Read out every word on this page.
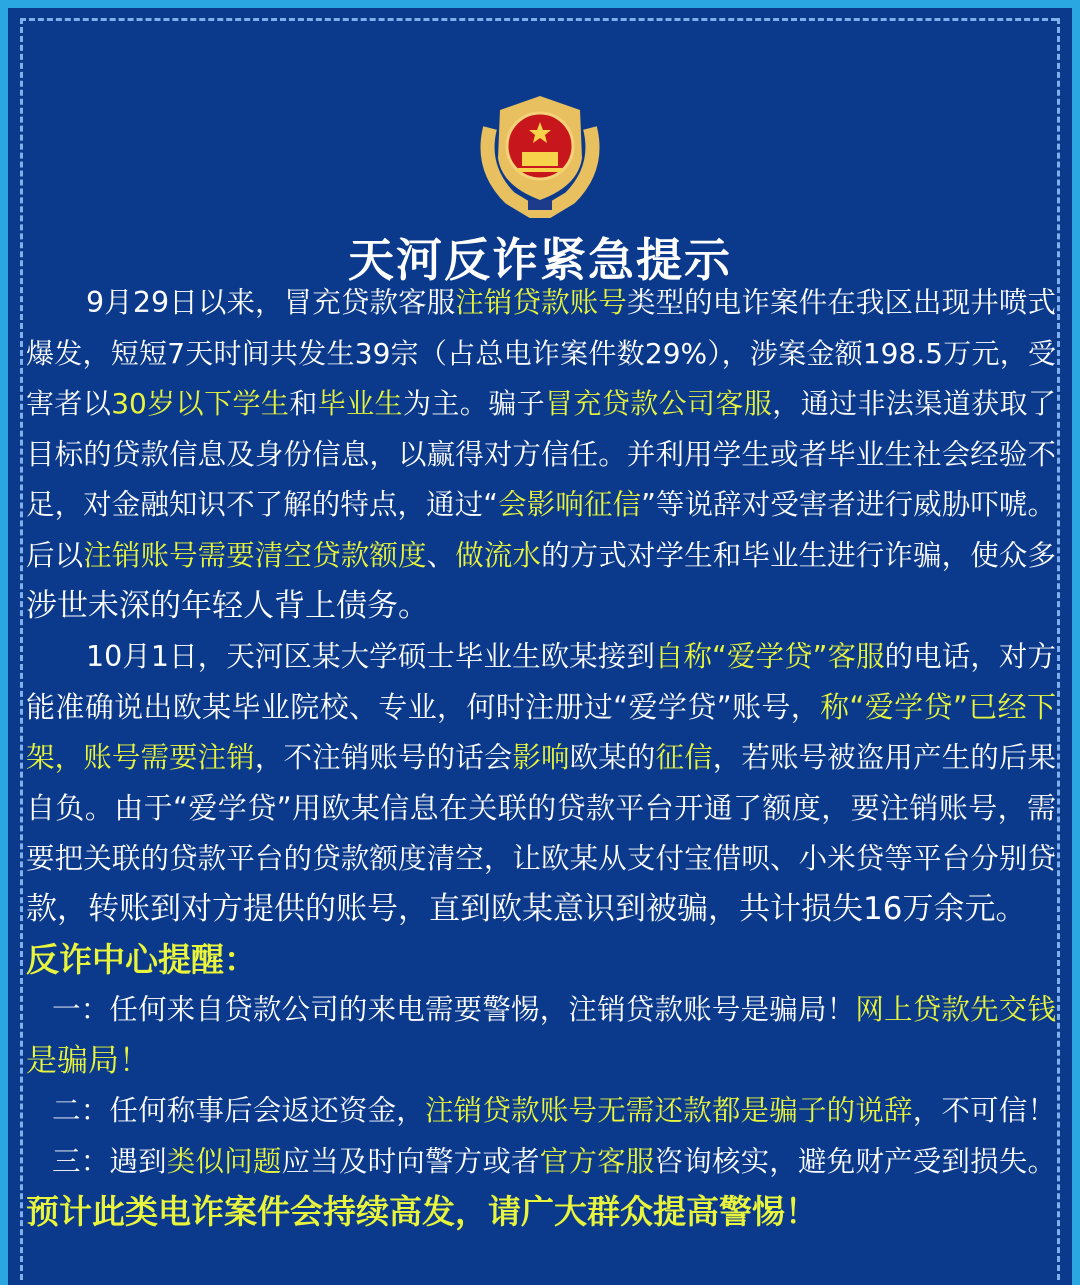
天河反诈紧急提示
9月29日以来，冒充贷款客服注销贷款账号类型的电诈案件在我区出现井喷式
爆发，短短7天时间共发生39宗（占总电诈案件数29%），涉案金额198.5万元，受
害者以30岁以下学生和毕业生为主。骗子冒充贷款公司客服，通过非法渠道获取了
目标的贷款信息及身份信息，以赢得对方信任。并利用学生或者毕业生社会经验不
足，对金融知识不了解的特点，通过“会影响征信”等说辞对受害者进行威胁吓唬。
后以注销账号需要清空贷款额度、做流水的方式对学生和毕业生进行诈骗，使众多
涉世未深的年轻人背上债务。
10月1日，天河区某大学硕士毕业生欧某接到自称“爱学贷”客服的电话，对方
能准确说出欧某毕业院校、专业，何时注册过“爱学贷”账号，称“爱学贷”已经下
架，账号需要注销，不注销账号的话会影响欧某的征信，若账号被盗用产生的后果
自负。由于“爱学贷”用欧某信息在关联的贷款平台开通了额度，要注销账号，需
要把关联的贷款平台的贷款额度清空，让欧某从支付宝借呗、小米贷等平台分别贷
款，转账到对方提供的账号，直到欧某意识到被骗，共计损失16万余元。
反诈中心提醒：
一：任何来自贷款公司的来电需要警惕，注销贷款账号是骗局！网上贷款先交钱
是骗局！
二：任何称事后会返还资金，注销贷款账号无需还款都是骗子的说辞，不可信！
三：遇到类似问题应当及时向警方或者官方客服咨询核实，避免财产受到损失。
预计此类电诈案件会持续高发，请广大群众提高警惕！
